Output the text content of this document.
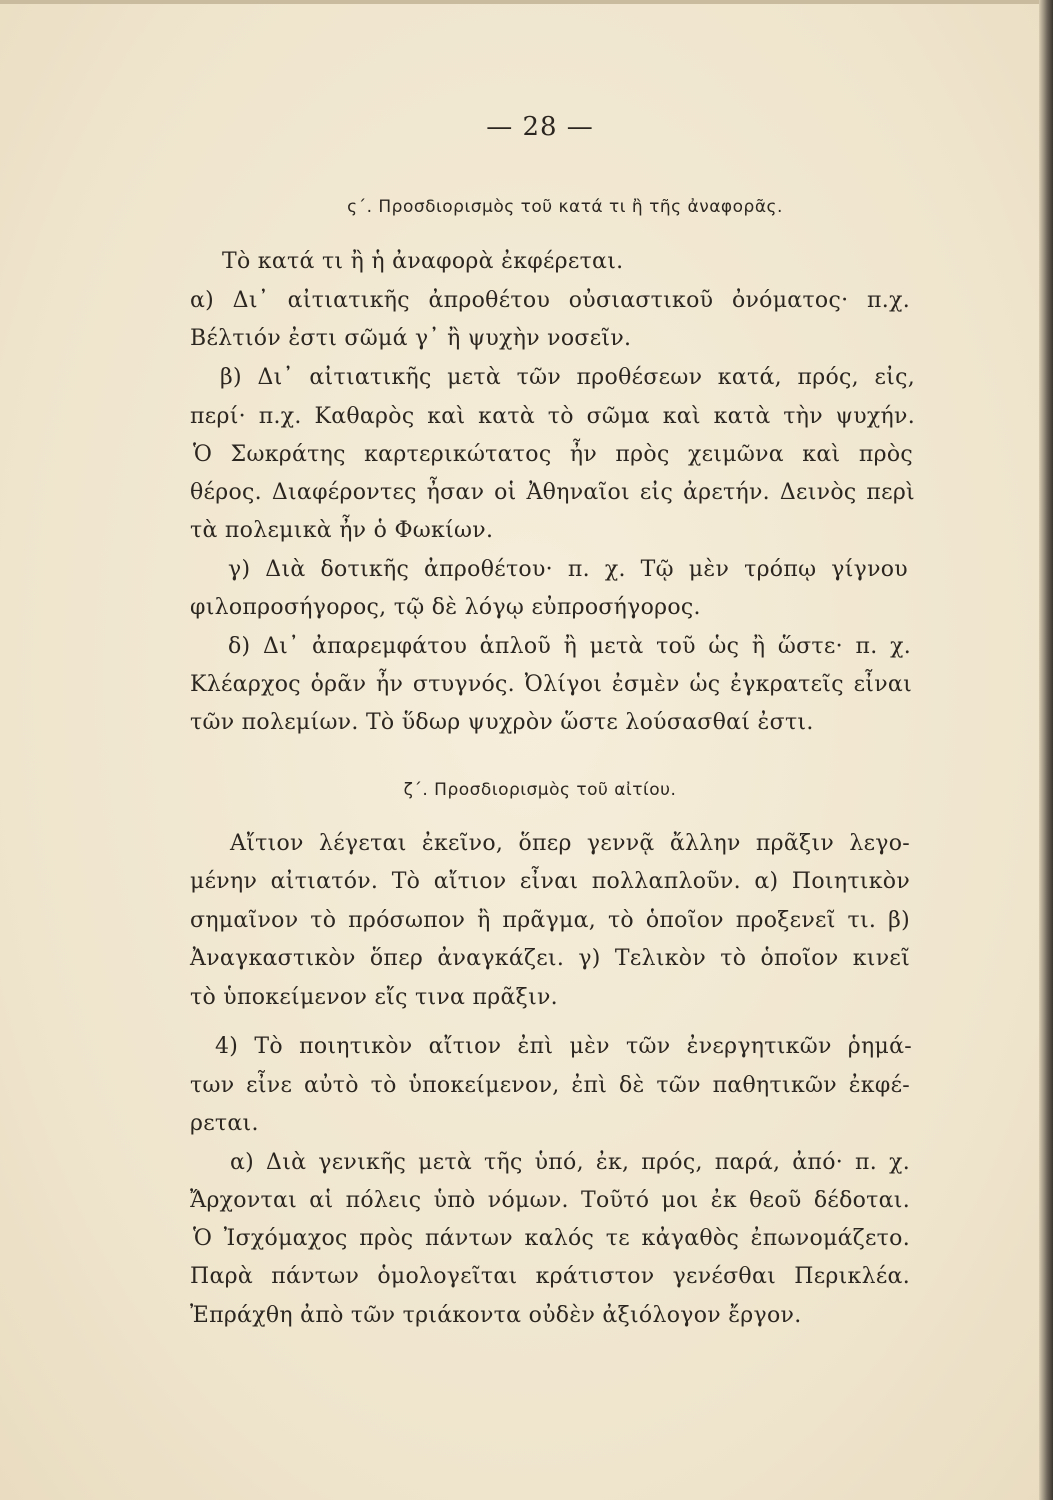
— 28 —
ς΄. Προσδιορισμὸς τοῦ κατά τι ἢ τῆς ἀναφορᾶς.
Τὸ κατά τι ἢ ἡ ἀναφορὰ ἐκφέρεται.
α) Δι᾽ αἰτιατικῆς ἀπροθέτου οὐσιαστικοῦ ὀνόματος· π.χ.
Βέλτιόν ἐστι σῶμά γ᾽ ἢ ψυχὴν νοσεῖν.
β) Δι᾽ αἰτιατικῆς μετὰ τῶν προθέσεων κατά, πρός, εἰς,
περί· π.χ. Καθαρὸς καὶ κατὰ τὸ σῶμα καὶ κατὰ τὴν ψυχήν.
Ὁ Σωκράτης καρτερικώτατος ἦν πρὸς χειμῶνα καὶ πρὸς
θέρος. Διαφέροντες ἦσαν οἱ Ἀθηναῖοι εἰς ἀρετήν. Δεινὸς περὶ
τὰ πολεμικὰ ἦν ὁ Φωκίων.
γ) Διὰ δοτικῆς ἀπροθέτου· π. χ. Τῷ μὲν τρόπῳ γίγνου
φιλοπροσήγορος, τῷ δὲ λόγῳ εὐπροσήγορος.
δ) Δι᾽ ἀπαρεμφάτου ἁπλοῦ ἢ μετὰ τοῦ ὡς ἢ ὥστε· π. χ.
Κλέαρχος ὁρᾶν ἦν στυγνός. Ὀλίγοι ἐσμὲν ὡς ἐγκρατεῖς εἶναι
τῶν πολεμίων. Τὸ ὕδωρ ψυχρὸν ὥστε λούσασθαί ἐστι.
ζ΄. Προσδιορισμὸς τοῦ αἰτίου.
Αἴτιον λέγεται ἐκεῖνο, ὅπερ γεννᾷ ἄλλην πρᾶξιν λεγο-
μένην αἰτιατόν. Τὸ αἴτιον εἶναι πολλαπλοῦν. α) Ποιητικὸν
σημαῖνον τὸ πρόσωπον ἢ πρᾶγμα, τὸ ὁποῖον προξενεῖ τι. β)
Ἀναγκαστικὸν ὅπερ ἀναγκάζει. γ) Τελικὸν τὸ ὁποῖον κινεῖ
τὸ ὑποκείμενον εἴς τινα πρᾶξιν.
4) Τὸ ποιητικὸν αἴτιον ἐπὶ μὲν τῶν ἐνεργητικῶν ῥημά-
των εἶνε αὐτὸ τὸ ὑποκείμενον, ἐπὶ δὲ τῶν παθητικῶν ἐκφέ-
ρεται.
α) Διὰ γενικῆς μετὰ τῆς ὑπό, ἐκ, πρός, παρά, ἀπό· π. χ.
Ἄρχονται αἱ πόλεις ὑπὸ νόμων. Τοῦτό μοι ἐκ θεοῦ δέδοται.
Ὁ Ἰσχόμαχος πρὸς πάντων καλός τε κἀγαθὸς ἐπωνομάζετο.
Παρὰ πάντων ὁμολογεῖται κράτιστον γενέσθαι Περικλέα.
Ἐπράχθη ἀπὸ τῶν τριάκοντα οὐδὲν ἀξιόλογον ἔργον.
